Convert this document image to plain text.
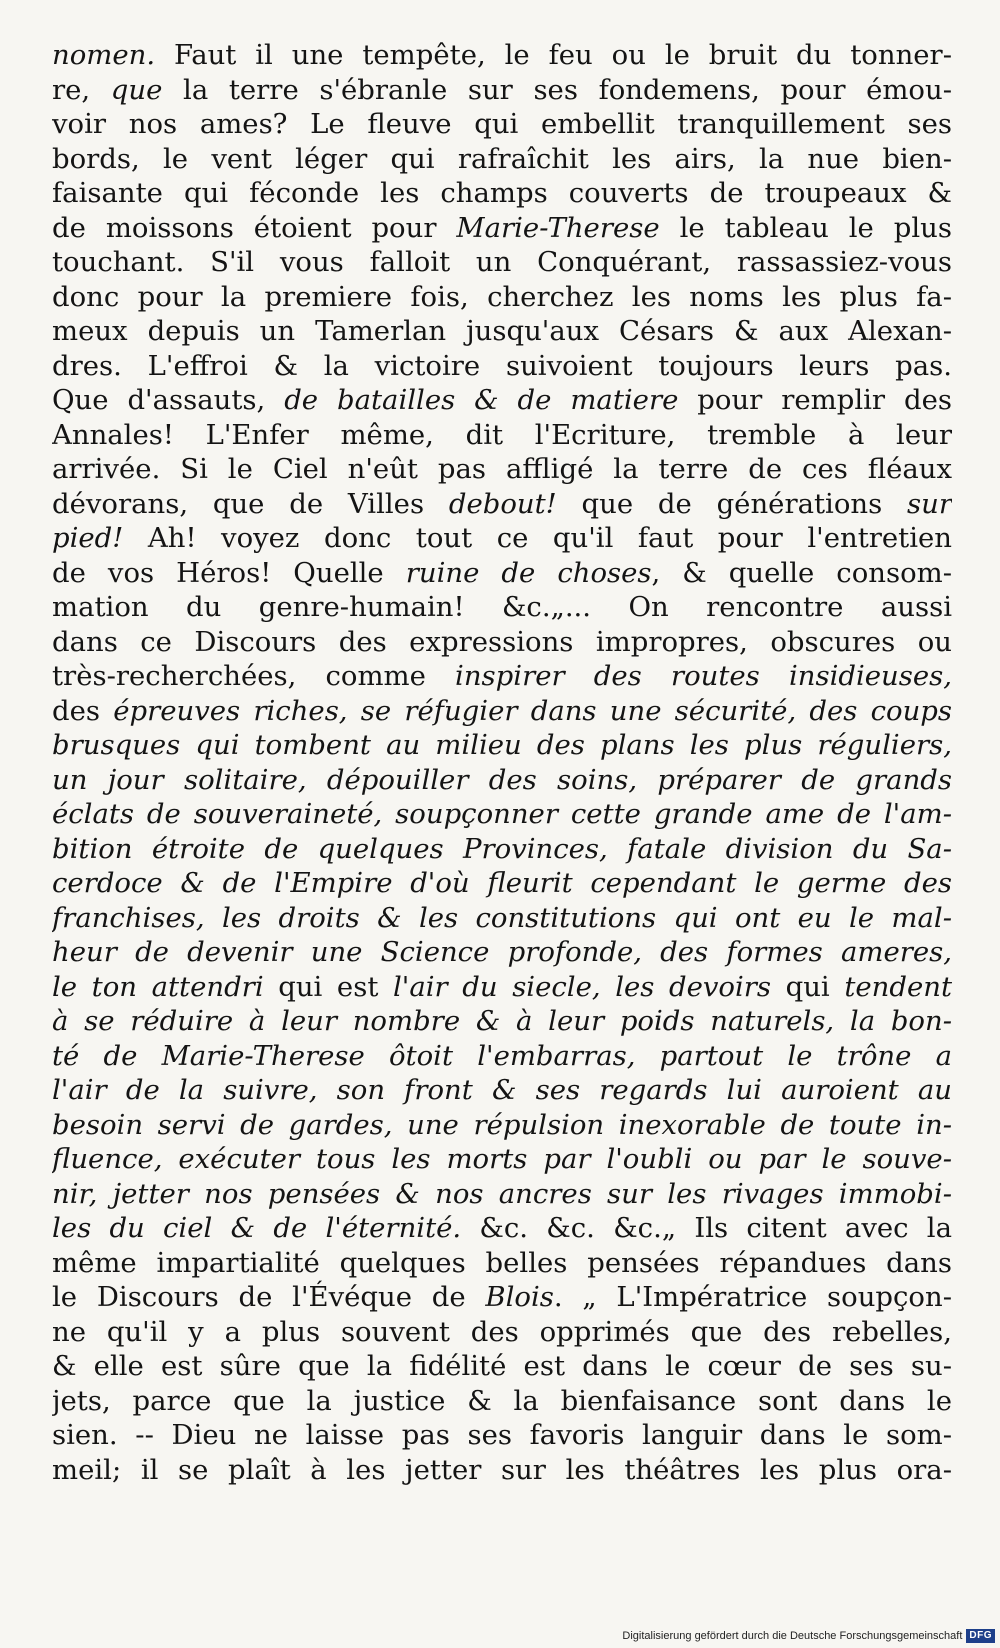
nomen. Faut il une tempête, le feu ou le bruit du tonner-
re, que la terre s'ébranle sur ses fondemens, pour émou-
voir nos ames? Le fleuve qui embellit tranquillement ses
bords, le vent léger qui rafraîchit les airs, la nue bien-
faisante qui féconde les champs couverts de troupeaux &
de moissons étoient pour Marie-Therese le tableau le plus
touchant. S'il vous falloit un Conquérant, rassassiez-vous
donc pour la premiere fois, cherchez les noms les plus fa-
meux depuis un Tamerlan jusqu'aux Césars & aux Alexan-
dres. L'effroi & la victoire suivoient toujours leurs pas.
Que d'assauts, de batailles & de matiere pour remplir des
Annales! L'Enfer même, dit l'Ecriture, tremble à leur
arrivée. Si le Ciel n'eût pas affligé la terre de ces fléaux
dévorans, que de Villes debout! que de générations sur
pied! Ah! voyez donc tout ce qu'il faut pour l'entretien
de vos Héros! Quelle ruine de choses, & quelle consom-
mation du genre-humain! &c.„... On rencontre aussi
dans ce Discours des expressions impropres, obscures ou
très-recherchées, comme inspirer des routes insidieuses,
des épreuves riches, se réfugier dans une sécurité, des coups
brusques qui tombent au milieu des plans les plus réguliers,
un jour solitaire, dépouiller des soins, préparer de grands
éclats de souveraineté, soupçonner cette grande ame de l'am-
bition étroite de quelques Provinces, fatale division du Sa-
cerdoce & de l'Empire d'où fleurit cependant le germe des
franchises, les droits & les constitutions qui ont eu le mal-
heur de devenir une Science profonde, des formes ameres,
le ton attendri qui est l'air du siecle, les devoirs qui tendent
à se réduire à leur nombre & à leur poids naturels, la bon-
té de Marie-Therese ôtoit l'embarras, partout le trône a
l'air de la suivre, son front & ses regards lui auroient au
besoin servi de gardes, une répulsion inexorable de toute in-
fluence, exécuter tous les morts par l'oubli ou par le souve-
nir, jetter nos pensées & nos ancres sur les rivages immobi-
les du ciel & de l'éternité. &c. &c. &c.„ Ils citent avec la
même impartialité quelques belles pensées répandues dans
le Discours de l'Évéque de Blois. „ L'Impératrice soupçon-
ne qu'il y a plus souvent des opprimés que des rebelles,
& elle est sûre que la fidélité est dans le cœur de ses su-
jets, parce que la justice & la bienfaisance sont dans le
sien. -- Dieu ne laisse pas ses favoris languir dans le som-
meil; il se plaît à les jetter sur les théâtres les plus ora-
Digitalisierung gefördert durch die Deutsche Forschungsgemeinschaft DFG
